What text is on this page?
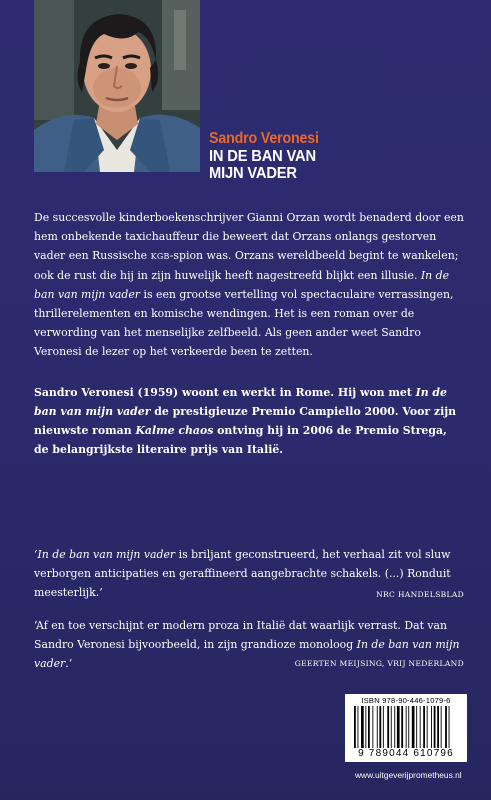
Sandro Veronesi
IN DE BAN VAN
MIJN VADER
De succesvolle kinderboekenschrijver Gianni Orzan wordt benaderd door een hem onbekende taxichauffeur die beweert dat Orzans onlangs gestorven vader een Russische KGB-spion was. Orzans wereldbeeld begint te wankelen; ook de rust die hij in zijn huwelijk heeft nagestreefd blijkt een illusie. In de ban van mijn vader is een grootse vertelling vol spectaculaire verrassingen, thrillerelementen en komische wendingen. Het is een roman over de verwording van het menselijke zelfbeeld. Als geen ander weet Sandro Veronesi de lezer op het verkeerde been te zetten.
Sandro Veronesi (1959) woont en werkt in Rome. Hij won met In de ban van mijn vader de prestigieuze Premio Campiello 2000. Voor zijn nieuwste roman Kalme chaos ontving hij in 2006 de Premio Strega, de belangrijkste literaire prijs van Italië.
‘In de ban van mijn vader is briljant geconstrueerd, het verhaal zit vol sluw verborgen anticipaties en geraffineerd aangebrachte schakels. (...) Ronduit meesterlijk.’	NRC HANDELSBLAD
‘Af en toe verschijnt er modern proza in Italië dat waarlijk verrast. Dat van Sandro Veronesi bijvoorbeeld, in zijn grandioze monoloog In de ban van mijn vader.’	GEERTEN MEIJSING, VRIJ NEDERLAND
ISBN 978-90-446-1079-6
9 789044 610796
www.uitgeverijprometheus.nl
